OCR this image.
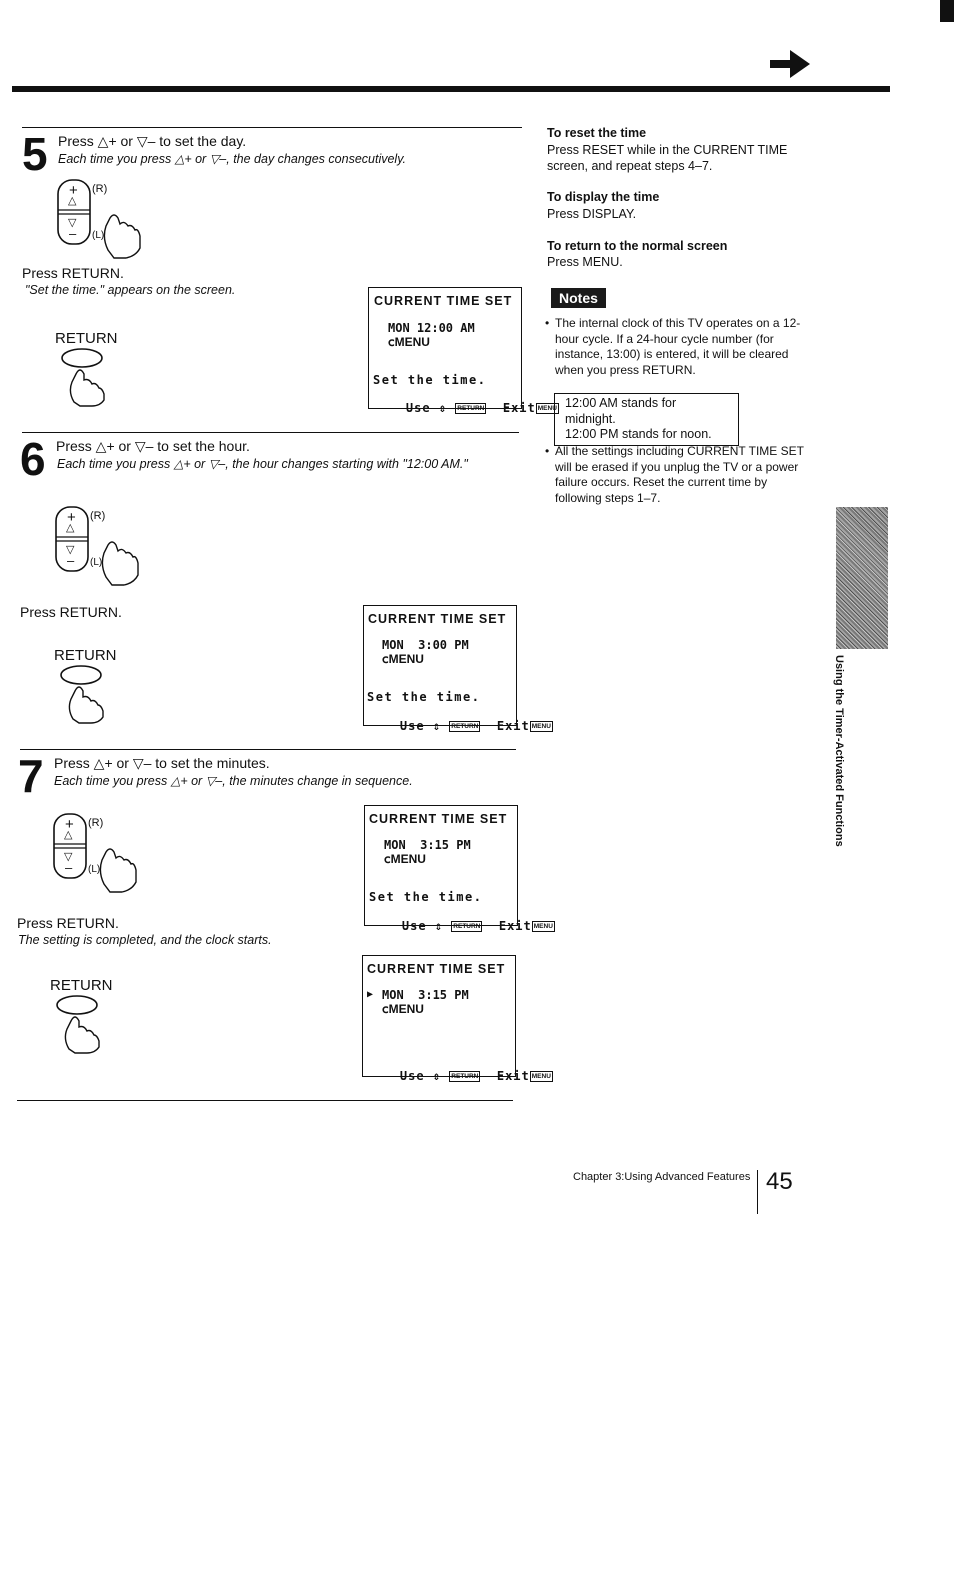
5 Press △+ or ▽– to set the day.
Each time you press △+ or ▽–, the day changes consecutively.
+
△
▽
–
(R)
(L)
Press RETURN.
"Set the time." appears on the screen.
RETURN
CURRENT TIME SET
MON 12:00 AM
ⅽMENU
Set the time.

Use ⇕ RETURN Exit MENU

6 Press △+ or ▽– to set the hour.
Each time you press △+ or ▽–, the hour changes starting with "12:00 AM."
+
△
▽
–
(R)
(L)
Press RETURN.
RETURN
CURRENT TIME SET
MON  3:00 PM
ⅽMENU
Set the time.

Use ⇕ RETURN Exit MENU

7 Press △+ or ▽– to set the minutes.
Each time you press △+ or ▽–, the minutes change in sequence.
+
△
▽
–
(R)
(L)
Press RETURN.
The setting is completed, and the clock starts.
RETURN
CURRENT TIME SET
MON  3:15 PM
ⅽMENU
Set the time.

Use ⇕ RETURN Exit MENU

CURRENT TIME SET
▶ MON  3:15 PM
ⅽMENU

Use ⇕ RETURN Exit MENU

To reset the time
Press RESET while in the CURRENT TIME screen, and repeat steps 4–7.
To display the time
Press DISPLAY.
To return to the normal screen
Press MENU.
Notes
• The internal clock of this TV operates on a 12-hour cycle. If a 24-hour cycle number (for instance, 13:00) is entered, it will be cleared when you press RETURN.
12:00 AM stands for midnight.
12:00 PM stands for noon.
• All the settings including CURRENT TIME SET will be erased if you unplug the TV or a power failure occurs. Reset the current time by following steps 1–7.
Using the Timer-Activated Functions
Chapter 3:Using Advanced Features 45
